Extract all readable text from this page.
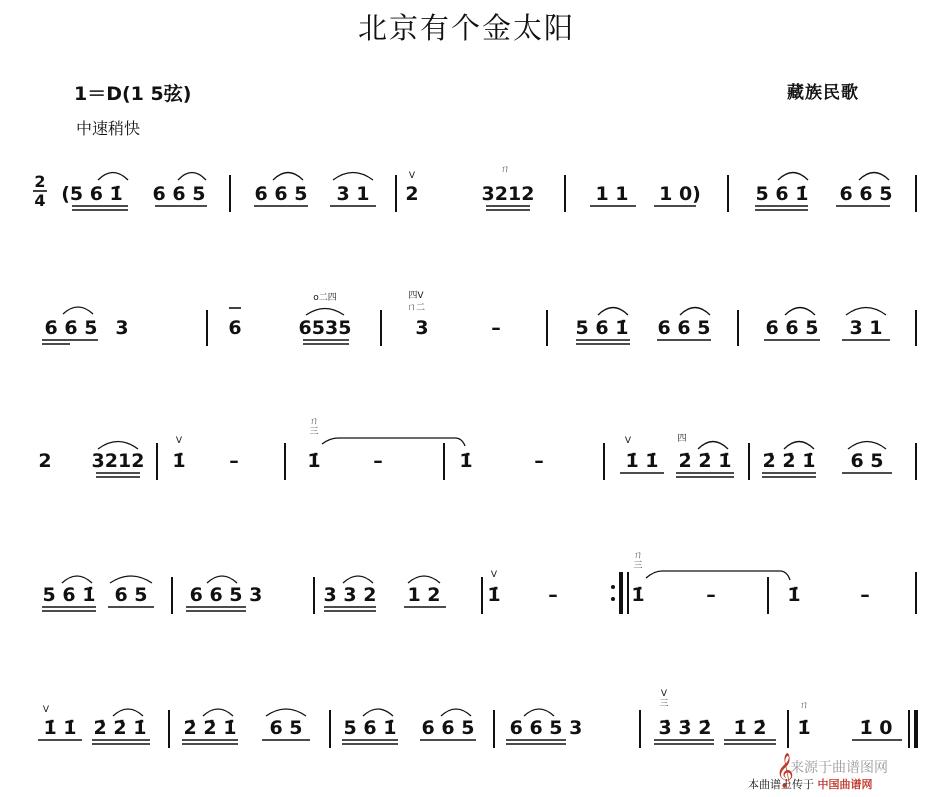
北京有个金太阳
1＝D(1 5弦)
中速稍快
藏族民歌
2
4 (5 6 1̇ 6 6 5	6 6 5 3 1
V
2
ㄇ
3212	1 1 1 0)	5 6 1̇ 6 6 5
6 6 5 3	6
o二四
6535
四V
ㄇ二
3	–	5 6 1̇ 6 6 5	6 6 5 3 1
2 3212
V
1̇ –
ㄇ
三
1̇	–	1̇	–
V
1̇ 1̇
四
2̇ 2̇ 1̇ 2̇ 2̇ 1̇ 6 5
5 6 1̇ 6 5 6 6 5 3	3 3 2 1 2
V
1̇	–
ㄇ
三
1̇	–	1̇	–
V
1̇ 1̇ 2̇ 2̇ 1̇ 2̇ 2̇ 1̇ 6 5 5 6 1̇ 6 6 5 6 6 5 3
V
三
3̇ 3̇ 2̇ 1̇ 2̇
ㄇ
1̇	1̇ 0
𝄞
来源于曲谱图网
本曲谱上传于 中国曲谱网
